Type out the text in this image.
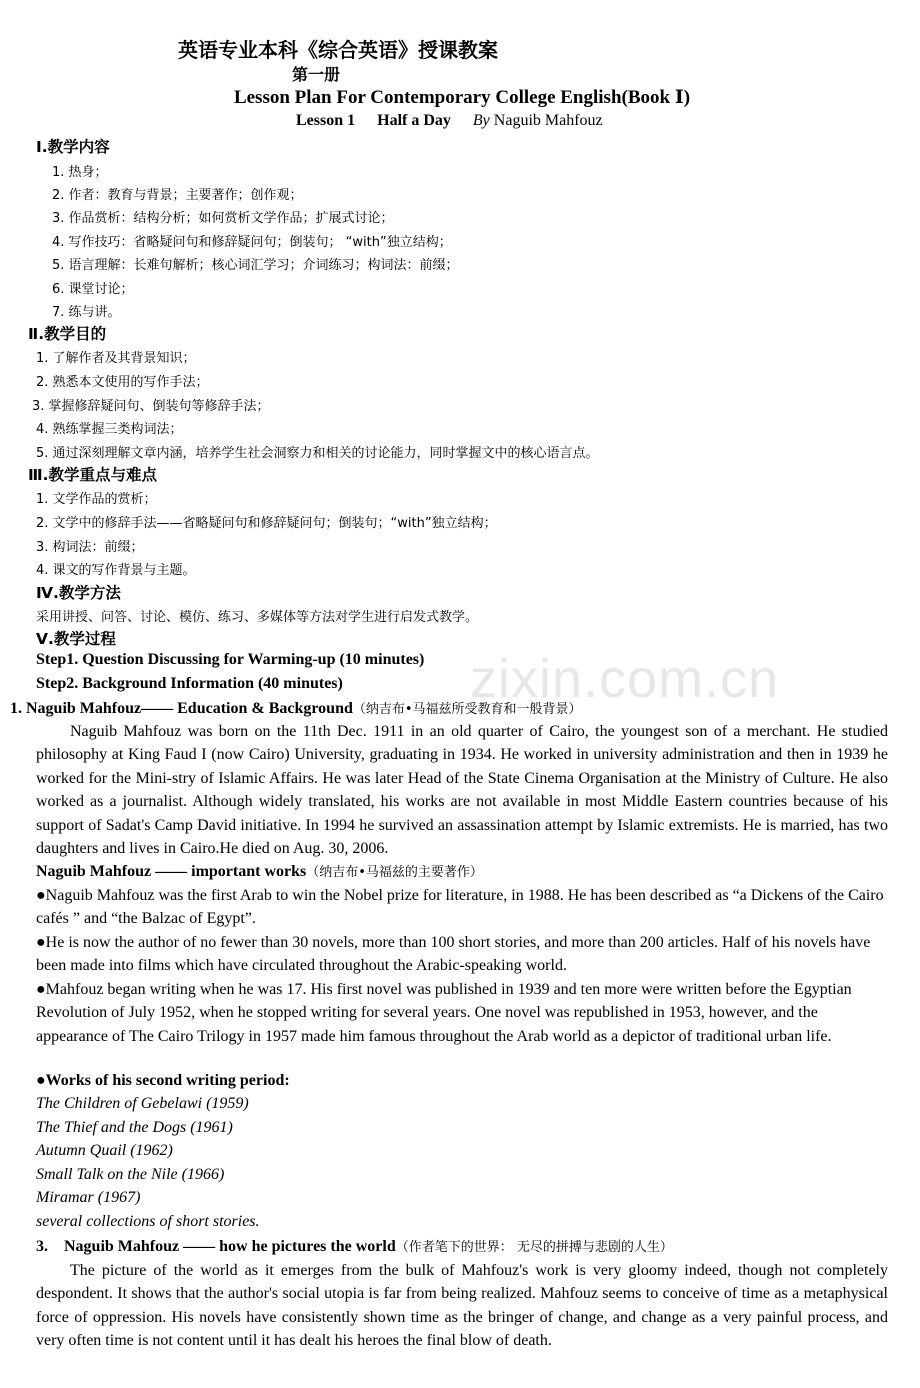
zixin.com.cn
英语专业本科《综合英语》授课教案
第一册
Lesson Plan For Contemporary College English(Book Ⅰ)
Lesson 1 Half a Day By Naguib Mahfouz
Ⅰ.教学内容
1. 热身；
2. 作者：教育与背景；主要著作；创作观；
3. 作品赏析：结构分析；如何赏析文学作品；扩展式讨论；
4. 写作技巧：省略疑问句和修辞疑问句；倒装句； “with”独立结构；
5. 语言理解：长难句解析；核心词汇学习；介词练习；构词法：前缀；
6. 课堂讨论；
7. 练与讲。
Ⅱ.教学目的
1. 了解作者及其背景知识；
2. 熟悉本文使用的写作手法；
3. 掌握修辞疑问句、倒装句等修辞手法；
4. 熟练掌握三类构词法；
5. 通过深刻理解文章内涵，培养学生社会洞察力和相关的讨论能力，同时掌握文中的核心语言点。
Ⅲ.教学重点与难点
1. 文学作品的赏析；
2. 文学中的修辞手法——省略疑问句和修辞疑问句；倒装句；“with”独立结构；
3. 构词法：前缀；
4. 课文的写作背景与主题。
Ⅳ.教学方法
采用讲授、问答、讨论、模仿、练习、多媒体等方法对学生进行启发式教学。
Ⅴ.教学过程
Step1. Question Discussing for Warming-up (10 minutes)
Step2. Background Information (40 minutes)
1. Naguib Mahfouz—— Education & Background（纳吉布•马福兹所受教育和一般背景）
Naguib Mahfouz was born on the 11th Dec. 1911 in an old quarter of Cairo, the youngest son of a merchant. He studied philosophy at King Faud I (now Cairo) University, graduating in 1934. He worked in university administration and then in 1939 he worked for the Mini-stry of Islamic Affairs. He was later Head of the State Cinema Organisation at the Ministry of Culture. He also worked as a journalist. Although widely translated, his works are not available in most Middle Eastern countries because of his support of Sadat's Camp David initiative. In 1994 he survived an assassination attempt by Islamic extremists. He is married, has two daughters and lives in Cairo.He died on Aug. 30, 2006.
Naguib Mahfouz —— important works（纳吉布•马福兹的主要著作）
●Naguib Mahfouz was the first Arab to win the Nobel prize for literature, in 1988. He has been described as “a Dickens of the Cairo cafés ” and “the Balzac of Egypt”.
●He is now the author of no fewer than 30 novels, more than 100 short stories, and more than 200 articles. Half of his novels have been made into films which have circulated throughout the Arabic-speaking world.
●Mahfouz began writing when he was 17. His first novel was published in 1939 and ten more were written before the Egyptian Revolution of July 1952, when he stopped writing for several years. One novel was republished in 1953, however, and the appearance of The Cairo Trilogy in 1957 made him famous throughout the Arab world as a depictor of traditional urban life.
●Works of his second writing period:
The Children of Gebelawi (1959)
The Thief and the Dogs (1961)
Autumn Quail (1962)
Small Talk on the Nile (1966)
Miramar (1967)
several collections of short stories.
3. Naguib Mahfouz —— how he pictures the world（作者笔下的世界： 无尽的拼搏与悲剧的人生）
The picture of the world as it emerges from the bulk of Mahfouz's work is very gloomy indeed, though not completely despondent. It shows that the author's social utopia is far from being realized. Mahfouz seems to conceive of time as a metaphysical force of oppression. His novels have consistently shown time as the bringer of change, and change as a very painful process, and very often time is not content until it has dealt his heroes the final blow of death.
